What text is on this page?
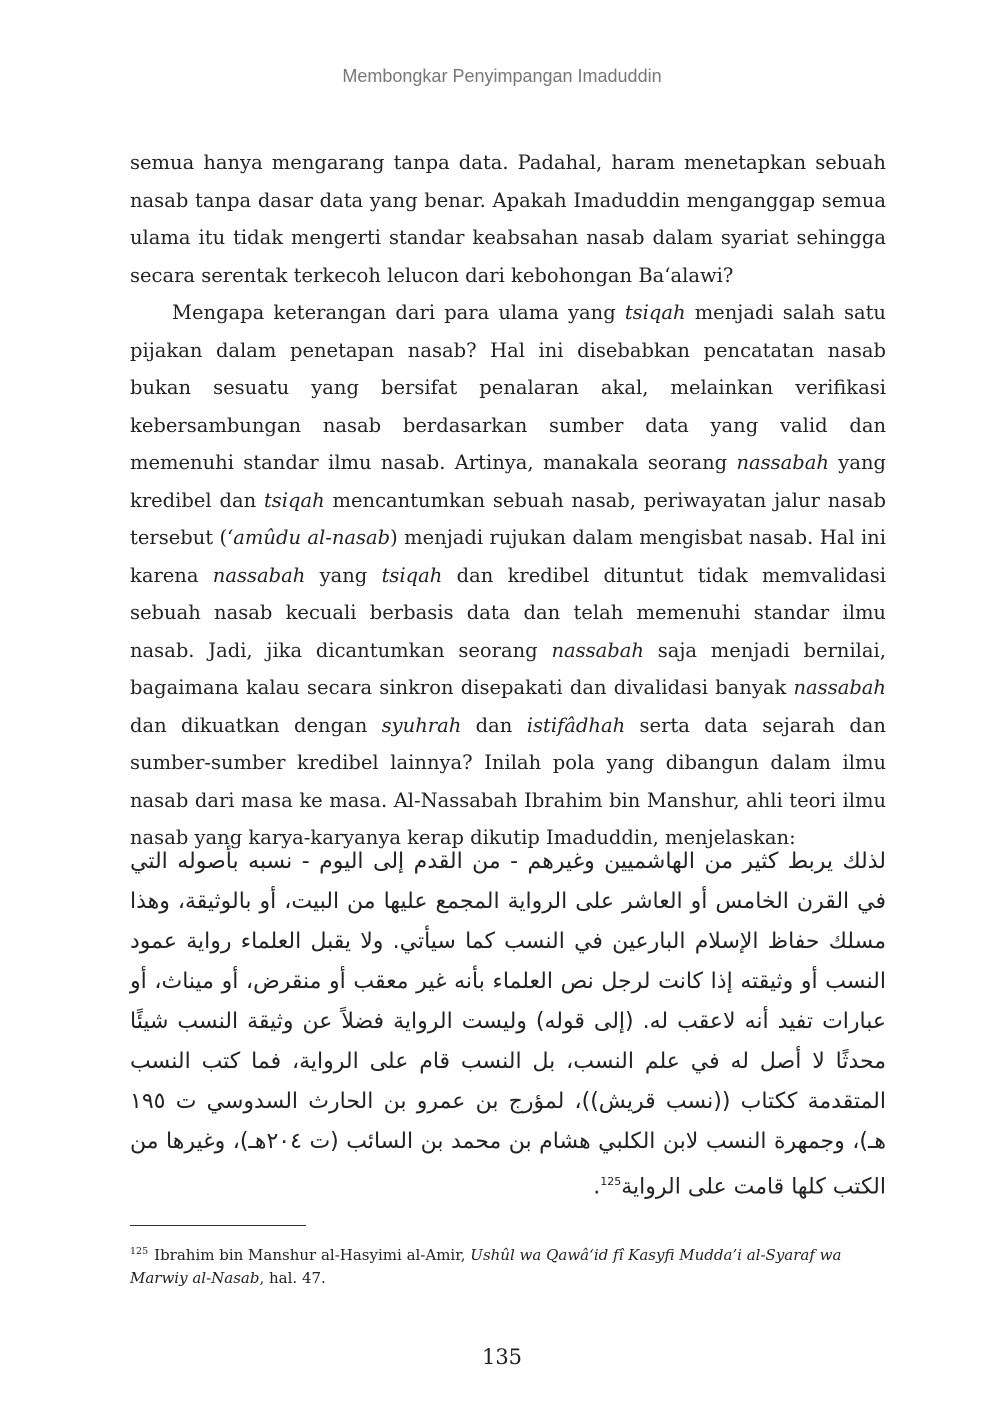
Membongkar Penyimpangan Imaduddin

semua hanya mengarang tanpa data. Padahal, haram menetapkan sebuah nasab tanpa dasar data yang benar. Apakah Imaduddin menganggap semua ulama itu tidak mengerti standar keabsahan nasab dalam syariat sehingga secara serentak terkecoh lelucon dari kebohongan Ba‘alawi?

Mengapa keterangan dari para ulama yang tsiqah menjadi salah satu pijakan dalam penetapan nasab? Hal ini disebabkan pencatatan nasab bukan sesuatu yang bersifat penalaran akal, melainkan verifikasi kebersambungan nasab berdasarkan sumber data yang valid dan memenuhi standar ilmu nasab. Artinya, manakala seorang nassabah yang kredibel dan tsiqah mencantumkan sebuah nasab, periwayatan jalur nasab tersebut (‘amûdu al-nasab) menjadi rujukan dalam mengisbat nasab. Hal ini karena nassabah yang tsiqah dan kredibel dituntut tidak memvalidasi sebuah nasab kecuali berbasis data dan telah memenuhi standar ilmu nasab. Jadi, jika dicantumkan seorang nassabah saja menjadi bernilai, bagaimana kalau secara sinkron disepakati dan divalidasi banyak nassabah dan dikuatkan dengan syuhrah dan istifâdhah serta data sejarah dan sumber-sumber kredibel lainnya? Inilah pola yang dibangun dalam ilmu nasab dari masa ke masa. Al-Nassabah Ibrahim bin Manshur, ahli teori ilmu nasab yang karya-karyanya kerap dikutip Imaduddin, menjelaskan:

لذلك يربط كثير من الهاشميين وغيرهم - من القدم إلى اليوم - نسبه بأصوله التي في القرن الخامس أو العاشر على الرواية المجمع عليها من البيت، أو بالوثيقة، وهذا مسلك حفاظ الإسلام البارعين في النسب كما سيأتي. ولا يقبل العلماء رواية عمود النسب أو وثيقته إذا كانت لرجل نص العلماء بأنه غير معقب أو منقرض، أو ميناث، أو عبارات تفيد أنه لاعقب له. (إلى قوله) وليست الرواية فضلاً عن وثيقة النسب شيئًا محدثًا لا أصل له في علم النسب، بل النسب قام على الرواية، فما كتب النسب المتقدمة ككتاب ((نسب قريش))، لمؤرج بن عمرو بن الحارث السدوسي ت ١٩٥ هـ)، وجمهرة النسب لابن الكلبي هشام بن محمد بن السائب (ت ٢٠٤هـ)، وغيرها من الكتب كلها قامت على الرواية$^{125}$.
$^{125}$ Ibrahim bin Manshur al-Hasyimi al-Amir, Ushûl wa Qawâ‘id fî Kasyfi Mudda’i al-Syaraf wa Marwiy al-Nasab, hal. 47.
135
